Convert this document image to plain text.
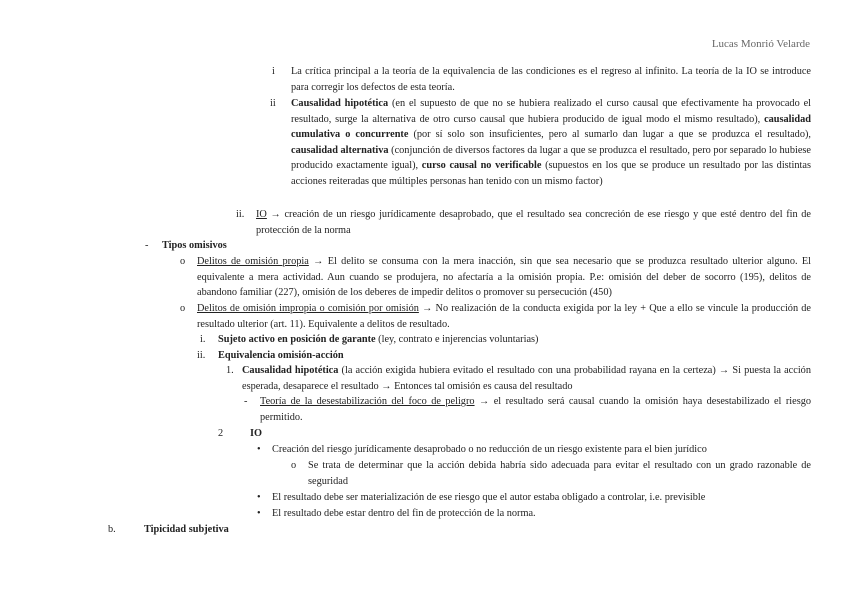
Lucas Monrió Velarde
i La crítica principal a la teoría de la equivalencia de las condiciones es el regreso al infinito. La teoría de la IO se introduce para corregir los defectos de esta teoría.
ii Causalidad hipotética (en el supuesto de que no se hubiera realizado el curso causal que efectivamente ha provocado el resultado, surge la alternativa de otro curso causal que hubiera producido de igual modo el mismo resultado), causalidad cumulativa o concurrente (por sí solo son insuficientes, pero al sumarlo dan lugar a que se produzca el resultado), causalidad alternativa (conjunción de diversos factores da lugar a que se produzca el resultado, pero por separado lo hubiese producido exactamente igual), curso causal no verificable (supuestos en los que se produce un resultado por las distintas acciones reiteradas que múltiples personas han tenido con un mismo factor)
ii. IO → creación de un riesgo jurídicamente desaprobado, que el resultado sea concreción de ese riesgo y que esté dentro del fin de protección de la norma
- Tipos omisivos
o Delitos de omisión propia → El delito se consuma con la mera inacción, sin que sea necesario que se produzca resultado ulterior alguno. El equivalente a mera actividad. Aun cuando se produjera, no afectaría a la omisión propia. P.e: omisión del deber de socorro (195), delitos de abandono familiar (227), omisión de los deberes de impedir delitos o promover su persecución (450)
o Delitos de omisión impropia o comisión por omisión → No realización de la conducta exigida por la ley + Que a ello se vincule la producción de resultado ulterior (art. 11). Equivalente a delitos de resultado.
i. Sujeto activo en posición de garante (ley, contrato e injerencias voluntarias)
ii. Equivalencia omisión-acción
1. Causalidad hipotética (la acción exigida hubiera evitado el resultado con una probabilidad rayana en la certeza) → Si puesta la acción esperada, desaparece el resultado → Entonces tal omisión es causa del resultado
- Teoría de la desestabilización del foco de peligro → el resultado será causal cuando la omisión haya desestabilizado el riesgo permitido.
2	IO
• Creación del riesgo jurídicamente desaprobado o no reducción de un riesgo existente para el bien jurídico
o Se trata de determinar que la acción debida habría sido adecuada para evitar el resultado con un grado razonable de seguridad
• El resultado debe ser materialización de ese riesgo que el autor estaba obligado a controlar, i.e. previsible
• El resultado debe estar dentro del fin de protección de la norma.
b.	Tipicidad subjetiva
